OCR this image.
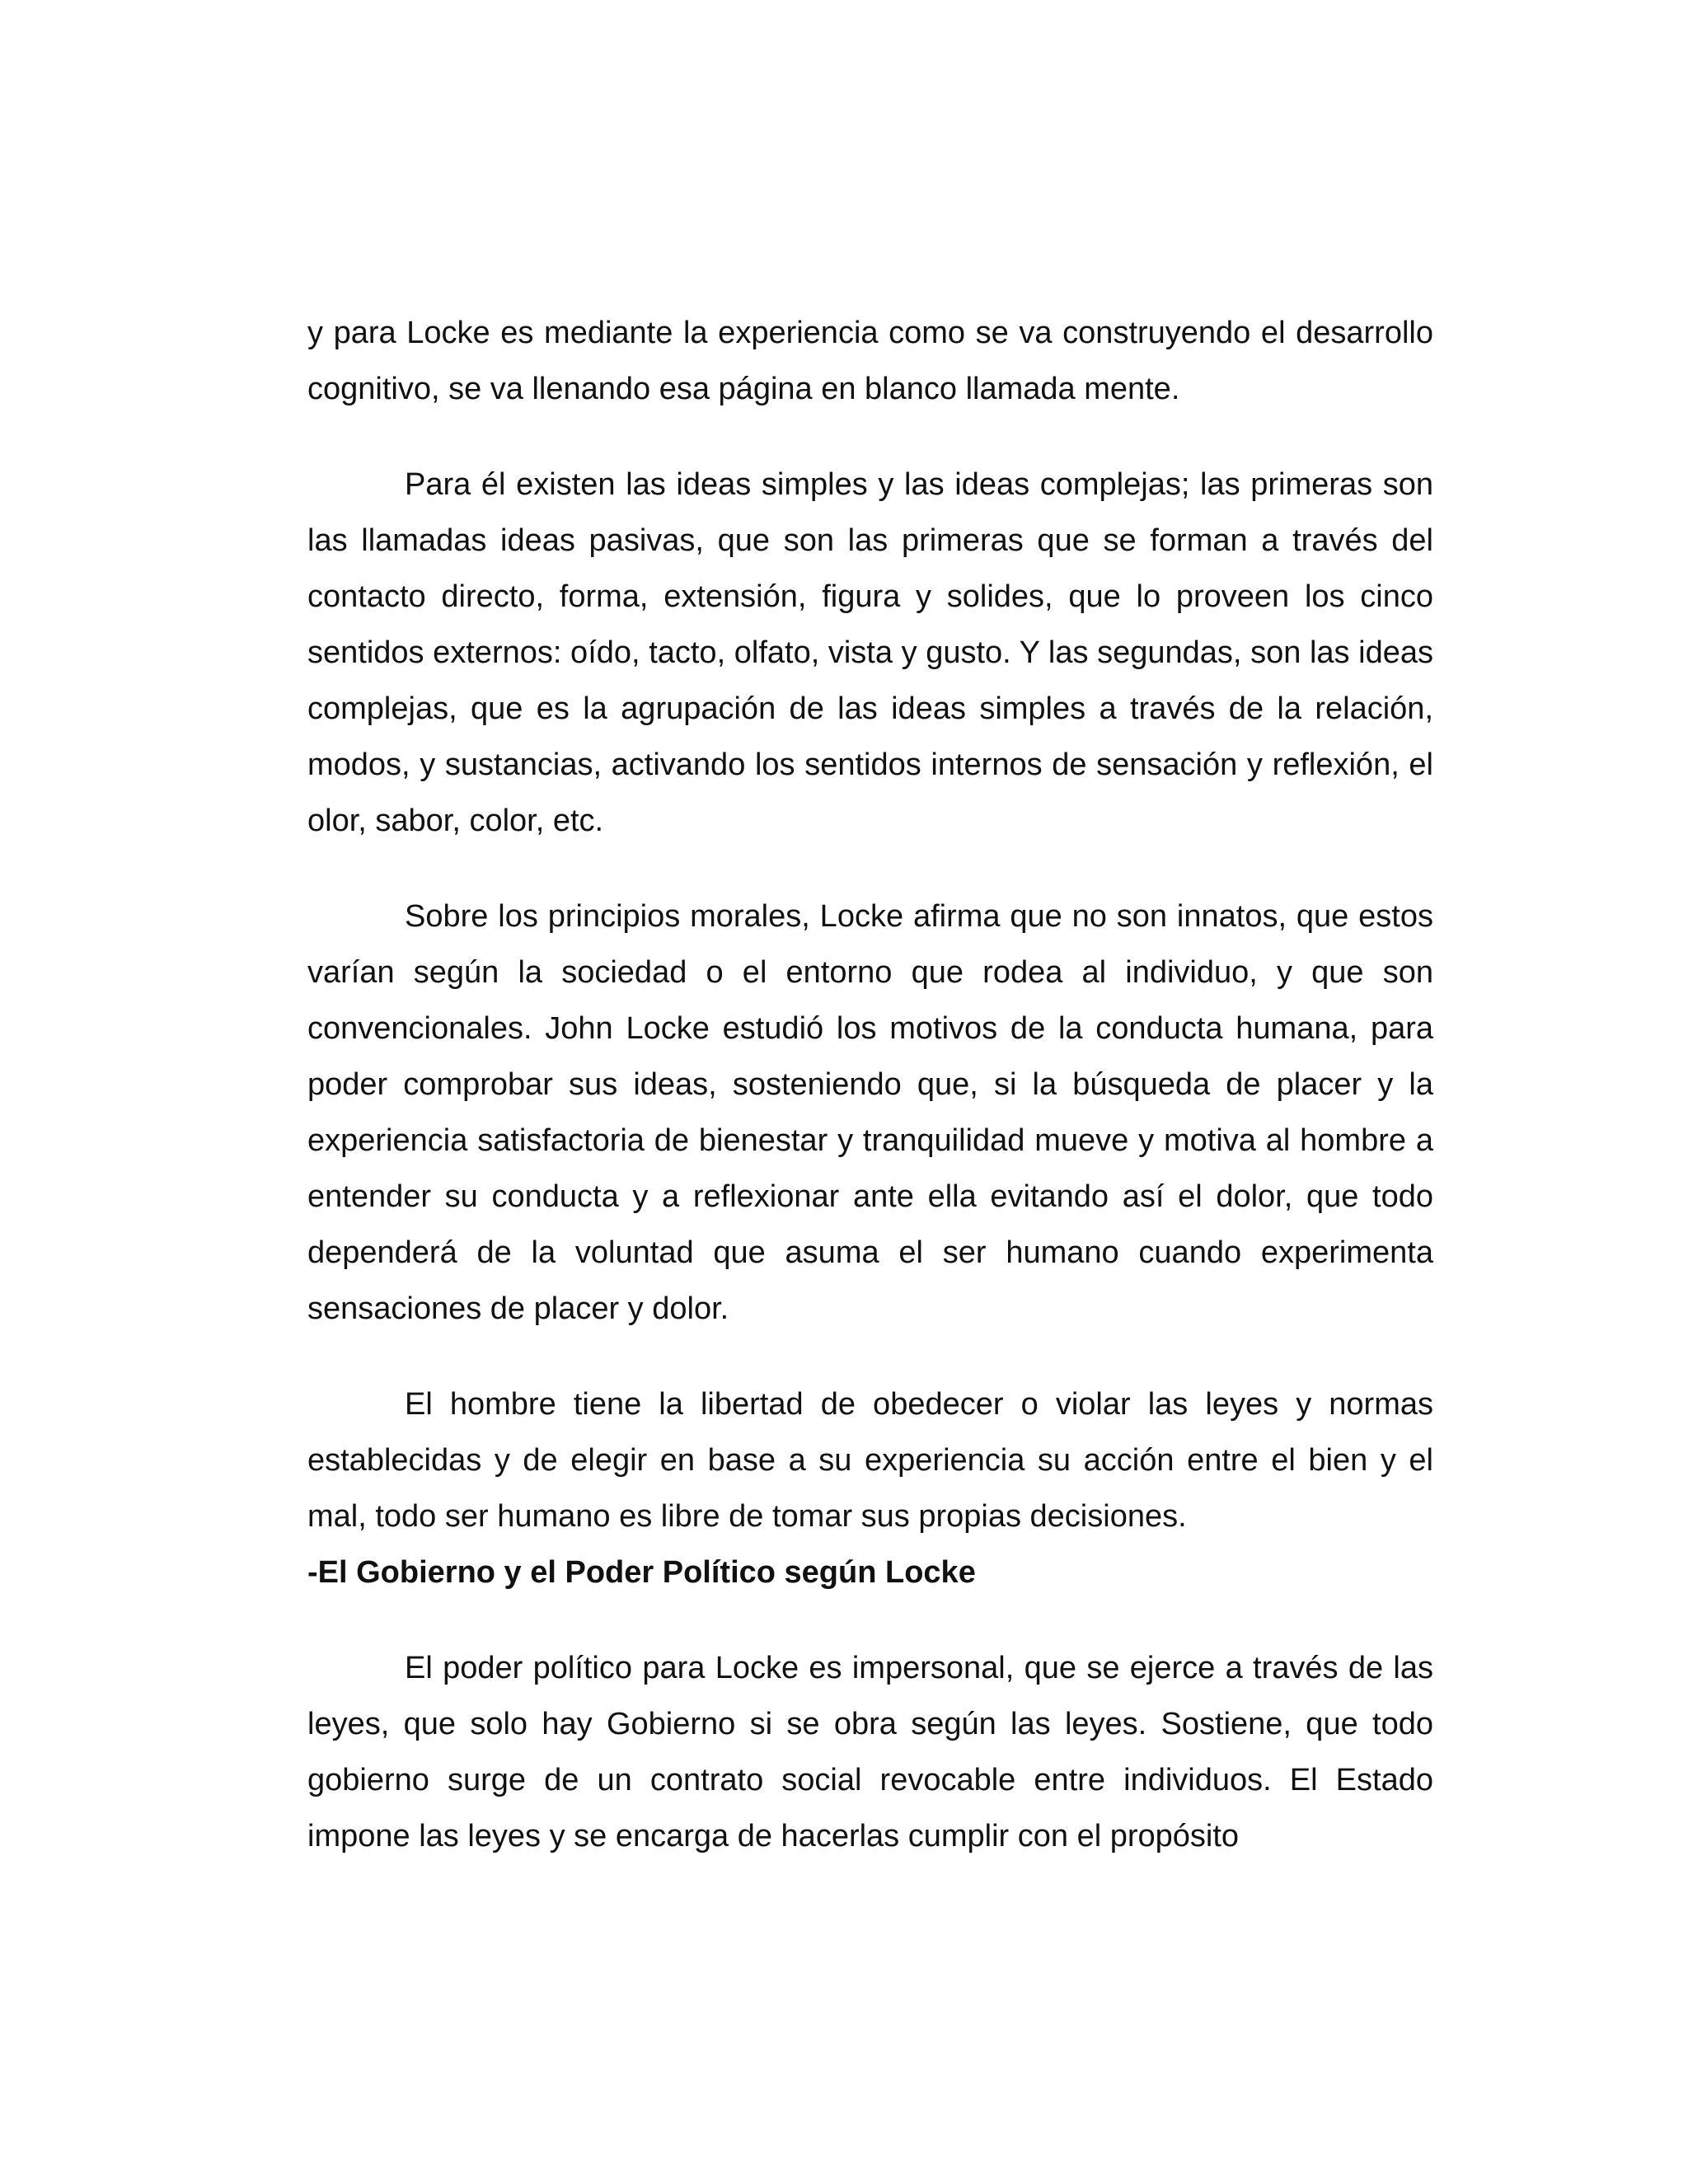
y para Locke es mediante la experiencia como se va construyendo el desarrollo cognitivo, se va llenando esa página en blanco llamada mente.

Para él existen las ideas simples y las ideas complejas; las primeras son las llamadas ideas pasivas, que son las primeras que se forman a través del contacto directo, forma, extensión, figura y solides, que lo proveen los cinco sentidos externos: oído, tacto, olfato, vista y gusto. Y las segundas, son las ideas complejas, que es la agrupación de las ideas simples a través de la relación, modos, y sustancias, activando los sentidos internos de sensación y reflexión, el olor, sabor, color, etc.

Sobre los principios morales, Locke afirma que no son innatos, que estos varían según la sociedad o el entorno que rodea al individuo, y que son convencionales. John Locke estudió los motivos de la conducta humana, para poder comprobar sus ideas, sosteniendo que, si la búsqueda de placer y la experiencia satisfactoria de bienestar y tranquilidad mueve y motiva al hombre a entender su conducta y a reflexionar ante ella evitando así el dolor, que todo dependerá de la voluntad que asuma el ser humano cuando experimenta sensaciones de placer y dolor.

El hombre tiene la libertad de obedecer o violar las leyes y normas establecidas y de elegir en base a su experiencia su acción entre el bien y el mal, todo ser humano es libre de tomar sus propias decisiones.

-El Gobierno y el Poder Político según Locke

El poder político para Locke es impersonal, que se ejerce a través de las leyes, que solo hay Gobierno si se obra según las leyes. Sostiene, que todo gobierno surge de un contrato social revocable entre individuos. El Estado impone las leyes y se encarga de hacerlas cumplir con el propósito
